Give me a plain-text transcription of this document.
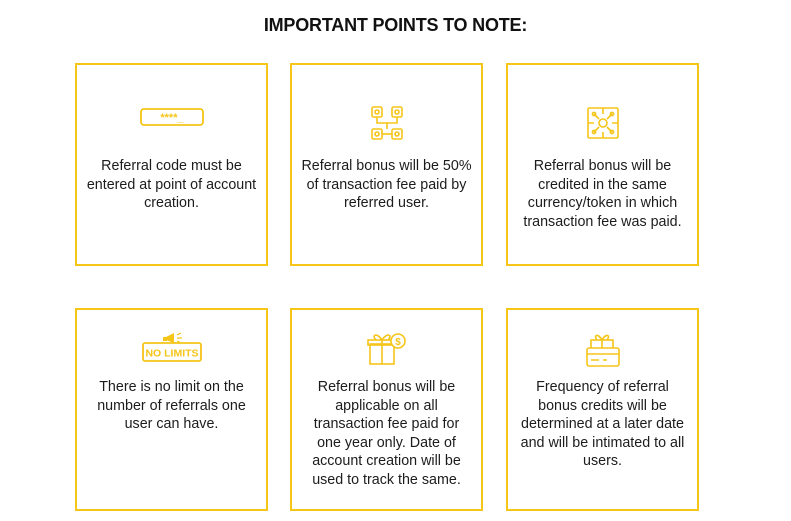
IMPORTANT POINTS TO NOTE:
****_
Referral code must be entered at point of account creation.
Referral bonus will be 50% of transaction fee paid by referred user.
Referral bonus will be credited in the same currency/token in which transaction fee was paid.
NO LIMITS
There is no limit on the number of referrals one user can have.
$
Referral bonus will be applicable on all transaction fee paid for one year only. Date of account creation will be used to track the same.
Frequency of referral bonus credits will be determined at a later date and will be intimated to all users.
